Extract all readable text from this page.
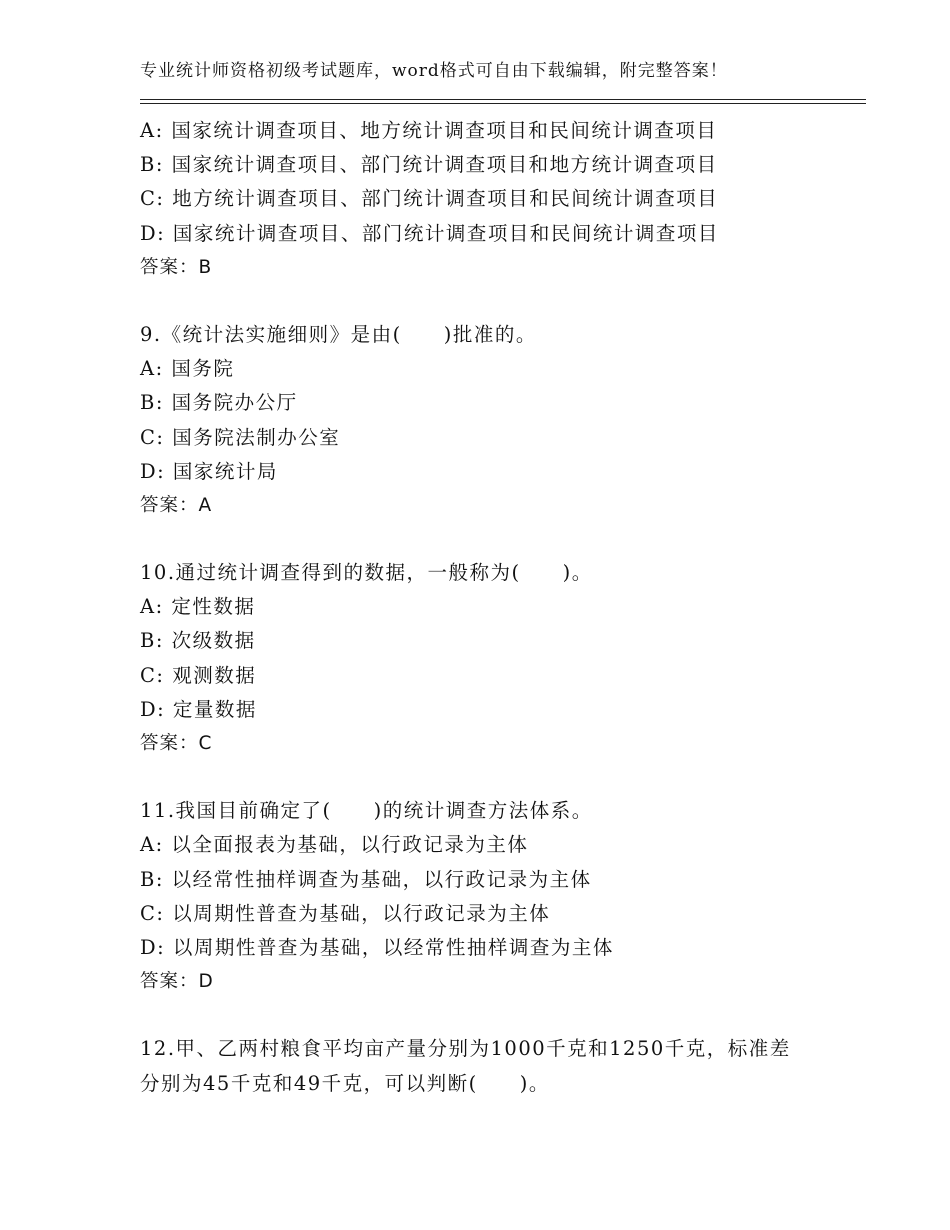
专业统计师资格初级考试题库，word格式可自由下载编辑，附完整答案！
A: 国家统计调查项目、地方统计调查项目和民间统计调查项目
B: 国家统计调查项目、部门统计调查项目和地方统计调查项目
C: 地方统计调查项目、部门统计调查项目和民间统计调查项目
D: 国家统计调查项目、部门统计调查项目和民间统计调查项目
答案：B
9.《统计法实施细则》是由(　　)批准的。
A: 国务院
B: 国务院办公厅
C: 国务院法制办公室
D: 国家统计局
答案：A
10.通过统计调查得到的数据，一般称为(　　)。
A: 定性数据
B: 次级数据
C: 观测数据
D: 定量数据
答案：C
11.我国目前确定了(　　)的统计调查方法体系。
A: 以全面报表为基础，以行政记录为主体
B: 以经常性抽样调查为基础，以行政记录为主体
C: 以周期性普查为基础，以行政记录为主体
D: 以周期性普查为基础，以经常性抽样调查为主体
答案：D
12.甲、乙两村粮食平均亩产量分别为1000千克和1250千克，标准差
分别为45千克和49千克，可以判断(　　)。
